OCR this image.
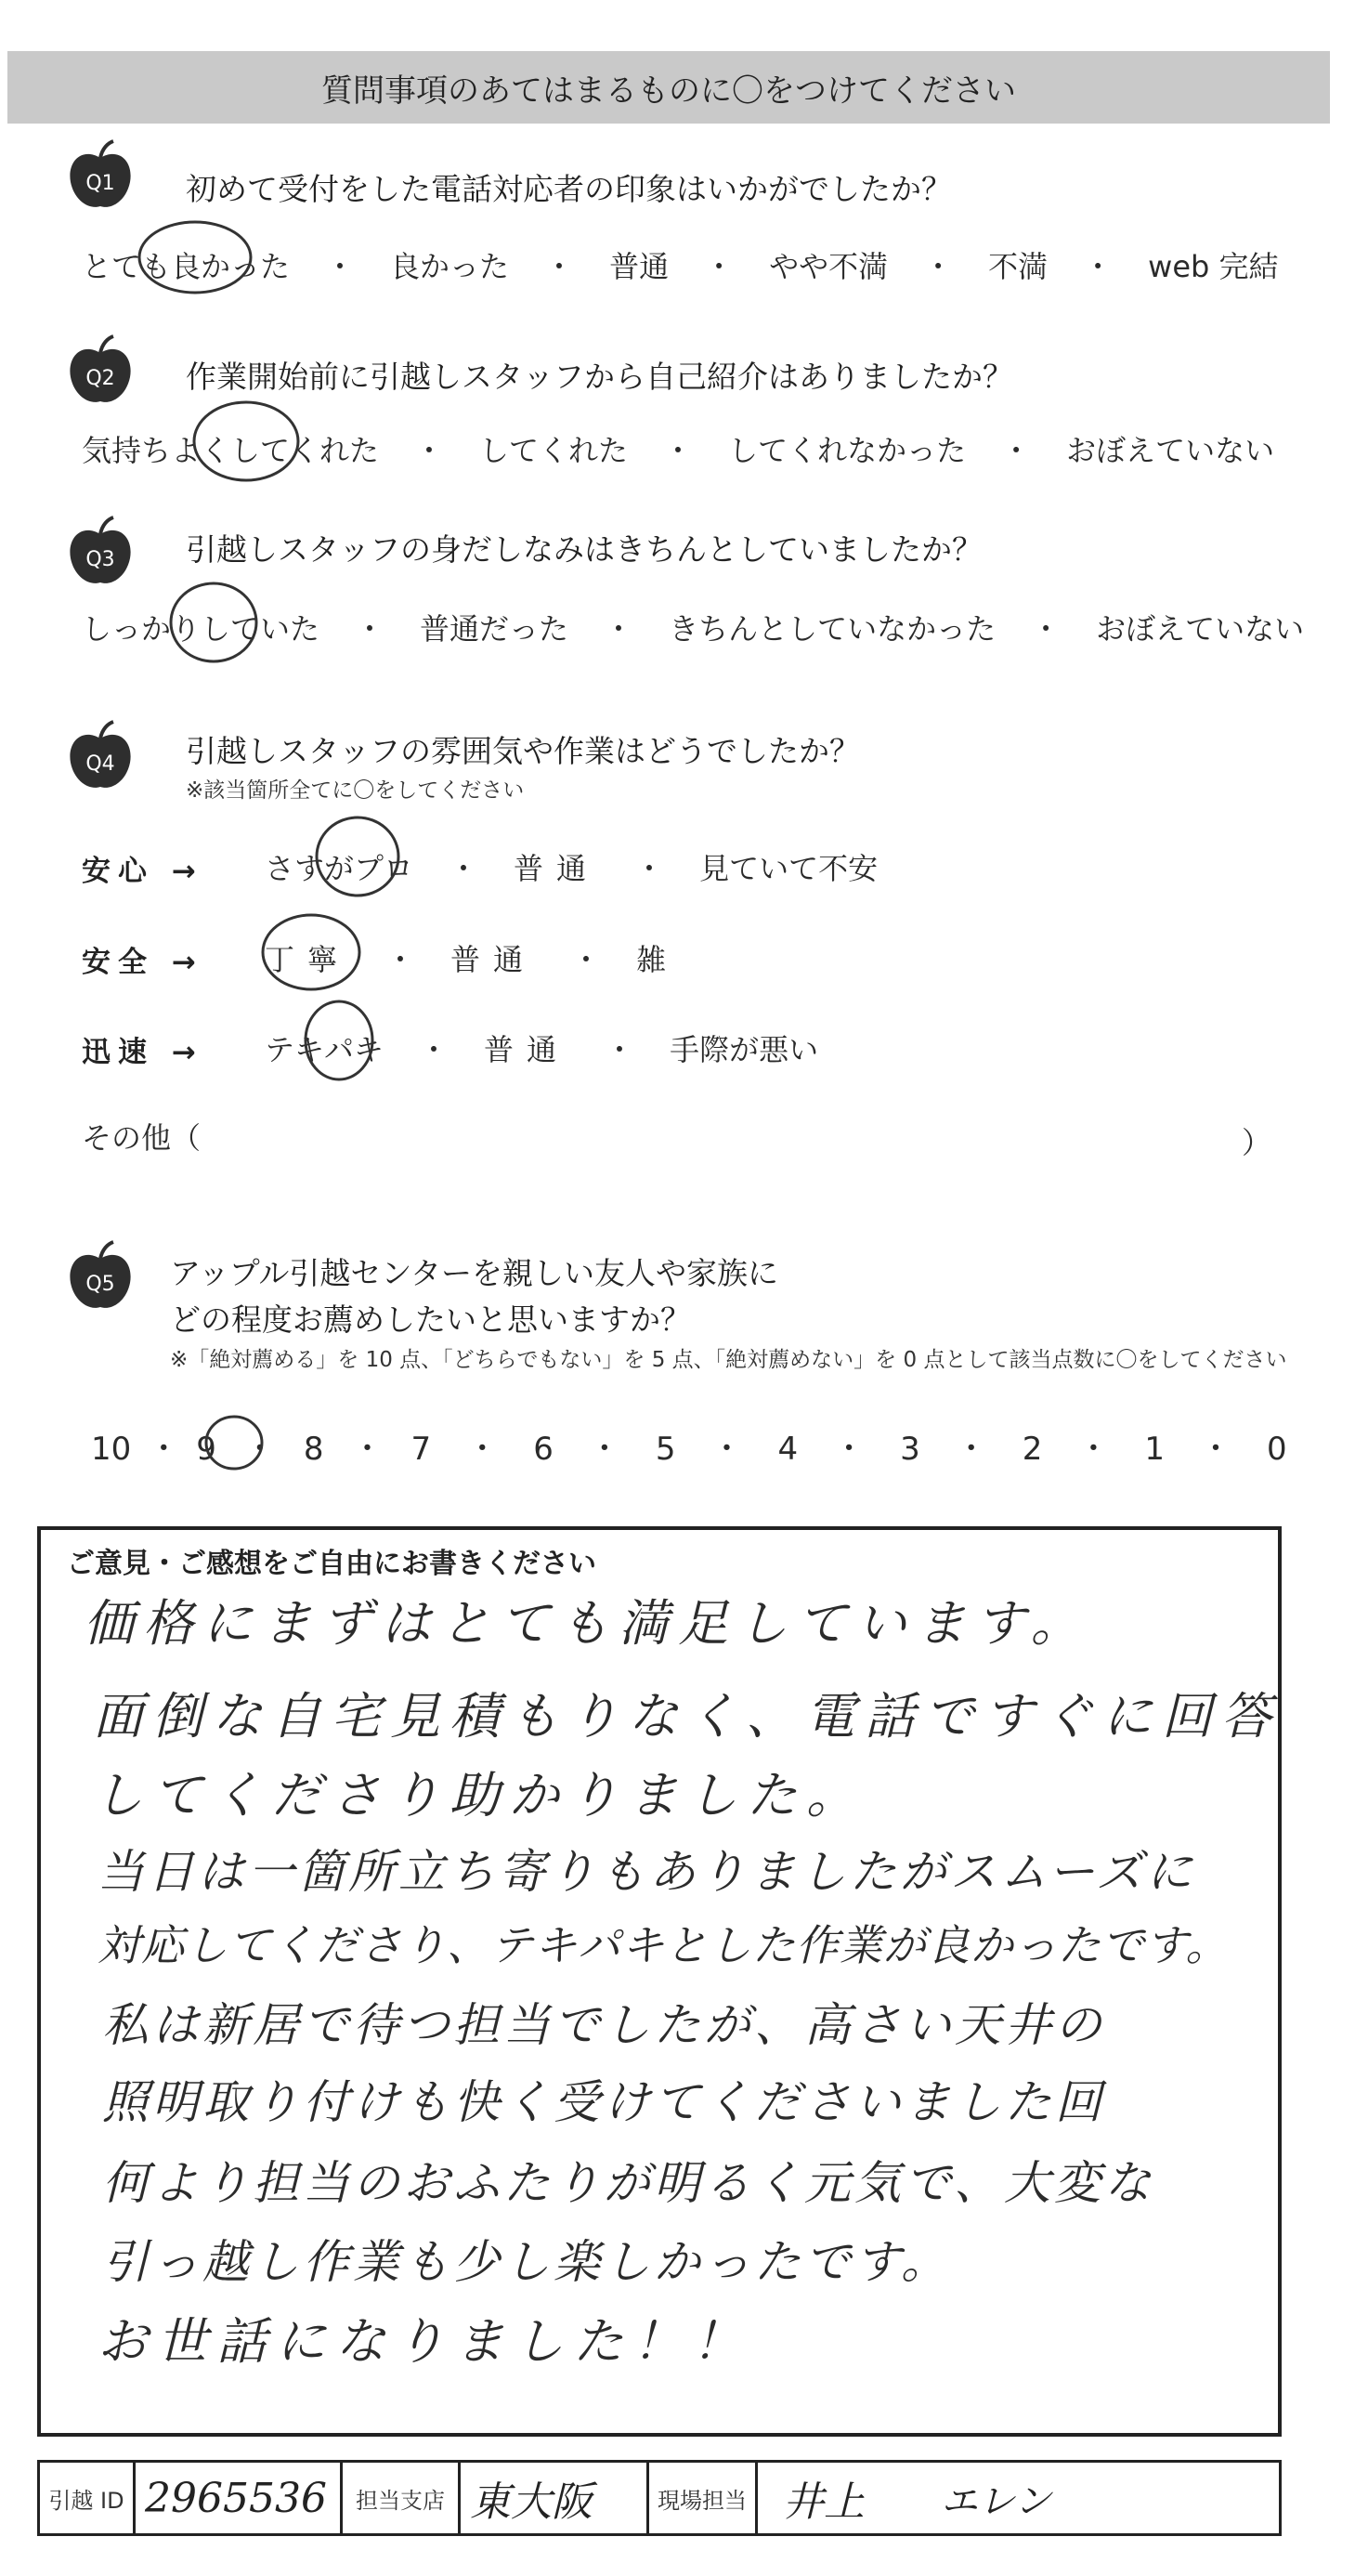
質問事項のあてはまるものに〇をつけてください
Q1 初めて受付をした電話対応者の印象はいかがでしたか？
とても良かった ・ 良かった ・ 普通 ・ やや不満 ・ 不満 ・ web 完結
Q2 作業開始前に引越しスタッフから自己紹介はありましたか？
気持ちよくしてくれた ・ してくれた ・ してくれなかった ・ おぼえていない
Q3 引越しスタッフの身だしなみはきちんとしていましたか？
しっかりしていた ・ 普通だった ・ きちんとしていなかった ・ おぼえていない
Q4 引越しスタッフの雰囲気や作業はどうでしたか？
※該当箇所全てに〇をしてください
安心 → さすがプロ ・ 普通 ・ 見ていて不安
安全 → 丁寧 ・ 普通 ・ 雑
迅速 → テキパキ ・ 普通 ・ 手際が悪い
その他（	）
Q5 アップル引越センターを親しい友人や家族に
どの程度お薦めしたいと思いますか？
※「絶対薦める」を 10 点、「どちらでもない」を 5 点、「絶対薦めない」を 0 点として該当点数に〇をしてください
10 ・ 9 ・ 8 ・ 7 ・ 6 ・ 5 ・ 4 ・ 3 ・ 2 ・ 1 ・ 0
ご意見・ご感想をご自由にお書きください
価格にまずはとても満足しています。
面倒な自宅見積もりなく、電話ですぐに回答
してくださり助かりました。
当日は一箇所立ち寄りもありましたがスムーズに
対応してくださり、テキパキとした作業が良かったです。
私は新居で待つ担当でしたが、高さい天井の
照明取り付けも快く受けてくださいました回
何より担当のおふたりが明るく元気で、大変な
引っ越し作業も少し楽しかったです。
お世話になりました！！
引越 ID 2965536	担当支店 東大阪	現場担当 井上	エレン
